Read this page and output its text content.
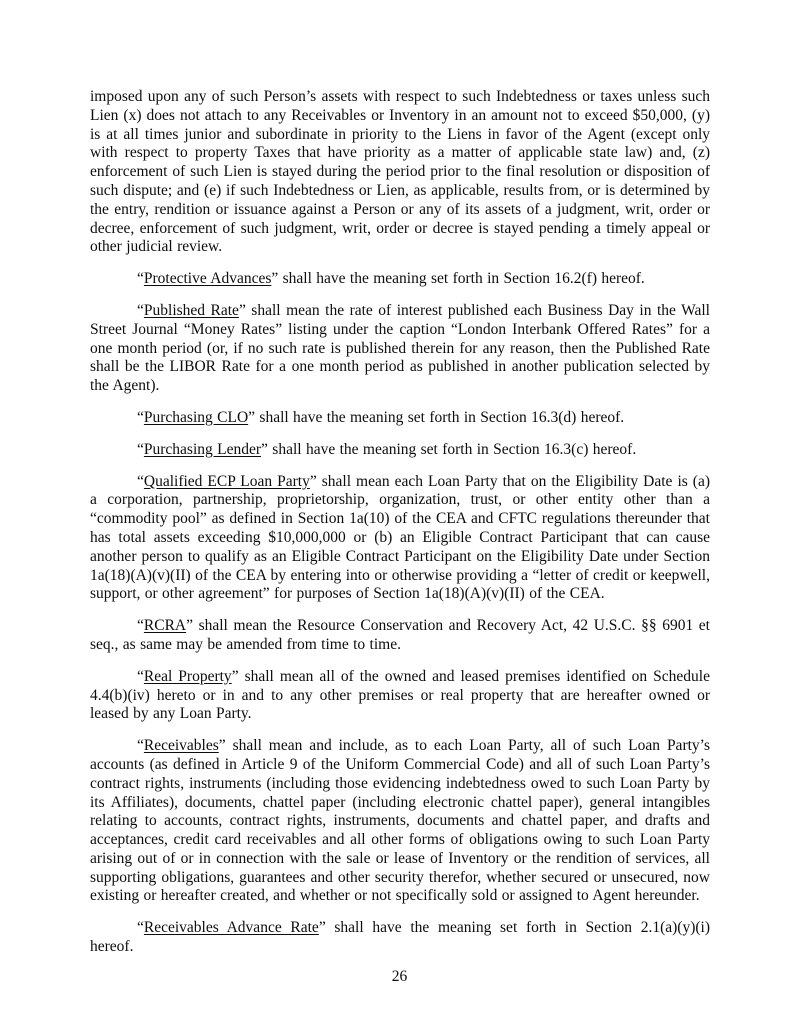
imposed upon any of such Person’s assets with respect to such Indebtedness or taxes unless such Lien (x) does not attach to any Receivables or Inventory in an amount not to exceed $50,000, (y) is at all times junior and subordinate in priority to the Liens in favor of the Agent (except only with respect to property Taxes that have priority as a matter of applicable state law) and, (z) enforcement of such Lien is stayed during the period prior to the final resolution or disposition of such dispute; and (e) if such Indebtedness or Lien, as applicable, results from, or is determined by the entry, rendition or issuance against a Person or any of its assets of a judgment, writ, order or decree, enforcement of such judgment, writ, order or decree is stayed pending a timely appeal or other judicial review.

“Protective Advances” shall have the meaning set forth in Section 16.2(f) hereof.

“Published Rate” shall mean the rate of interest published each Business Day in the Wall Street Journal “Money Rates” listing under the caption “London Interbank Offered Rates” for a one month period (or, if no such rate is published therein for any reason, then the Published Rate shall be the LIBOR Rate for a one month period as published in another publication selected by the Agent).

“Purchasing CLO” shall have the meaning set forth in Section 16.3(d) hereof.

“Purchasing Lender” shall have the meaning set forth in Section 16.3(c) hereof.

“Qualified ECP Loan Party” shall mean each Loan Party that on the Eligibility Date is (a) a corporation, partnership, proprietorship, organization, trust, or other entity other than a “commodity pool” as defined in Section 1a(10) of the CEA and CFTC regulations thereunder that has total assets exceeding $10,000,000 or (b) an Eligible Contract Participant that can cause another person to qualify as an Eligible Contract Participant on the Eligibility Date under Section 1a(18)(A)(v)(II) of the CEA by entering into or otherwise providing a “letter of credit or keepwell, support, or other agreement” for purposes of Section 1a(18)(A)(v)(II) of the CEA.

“RCRA” shall mean the Resource Conservation and Recovery Act, 42 U.S.C. §§ 6901 et seq., as same may be amended from time to time.

“Real Property” shall mean all of the owned and leased premises identified on Schedule 4.4(b)(iv) hereto or in and to any other premises or real property that are hereafter owned or leased by any Loan Party.

“Receivables” shall mean and include, as to each Loan Party, all of such Loan Party’s accounts (as defined in Article 9 of the Uniform Commercial Code) and all of such Loan Party’s contract rights, instruments (including those evidencing indebtedness owed to such Loan Party by its Affiliates), documents, chattel paper (including electronic chattel paper), general intangibles relating to accounts, contract rights, instruments, documents and chattel paper, and drafts and acceptances, credit card receivables and all other forms of obligations owing to such Loan Party arising out of or in connection with the sale or lease of Inventory or the rendition of services, all supporting obligations, guarantees and other security therefor, whether secured or unsecured, now existing or hereafter created, and whether or not specifically sold or assigned to Agent hereunder.

“Receivables Advance Rate” shall have the meaning set forth in Section 2.1(a)(y)(i) hereof.

26
